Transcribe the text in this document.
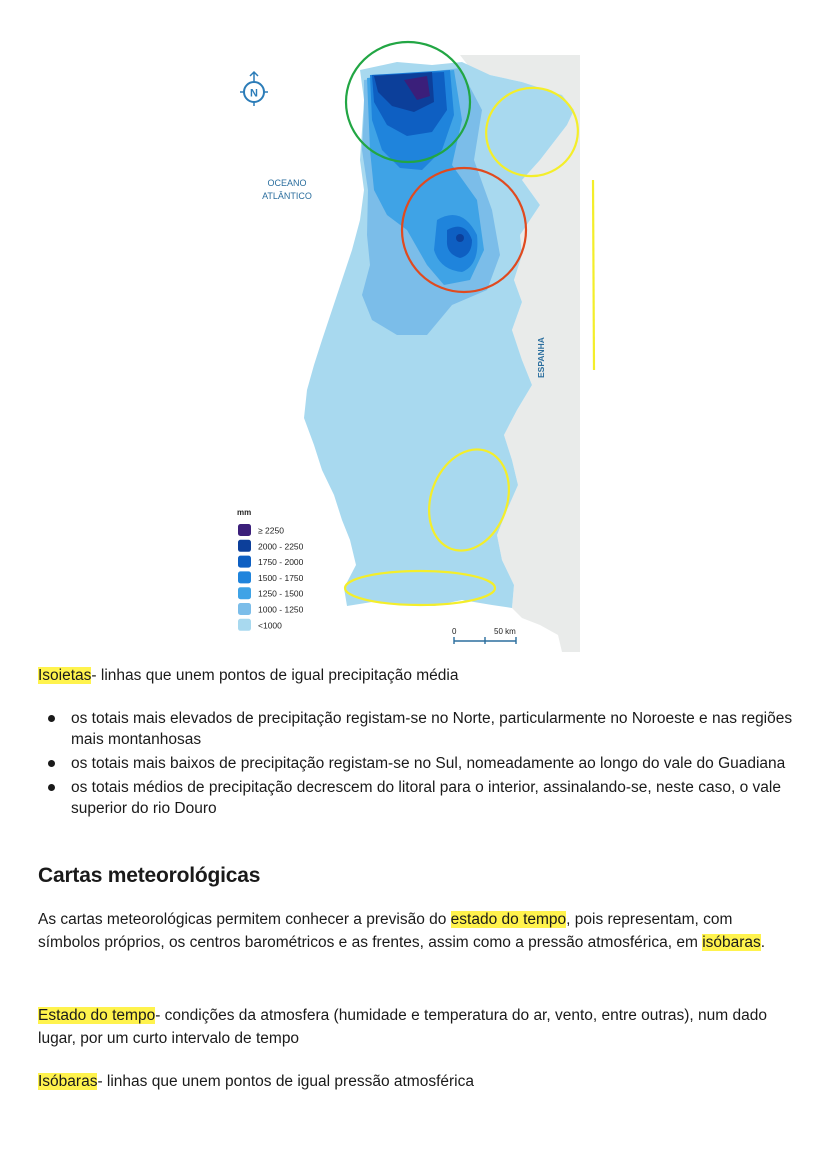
N
OCEANO
ATLÂNTICO
ESPANHA
mm
≥ 2250
2000 - 2250
1750 - 2000
1500 - 1750
1250 - 1500
1000 - 1250
<1000
0	50 km

Isoietas- linhas que unem pontos de igual precipitação média

os totais mais elevados de precipitação registam-se no Norte, particularmente no Noroeste e nas regiões mais montanhosas
os totais mais baixos de precipitação registam-se no Sul, nomeadamente ao longo do vale do Guadiana
os totais médios de precipitação decrescem do litoral para o interior, assinalando-se, neste caso, o vale superior do rio Douro
Cartas meteorológicas

As cartas meteorológicas permitem conhecer a previsão do estado do tempo, pois representam, com símbolos próprios, os centros barométricos e as frentes, assim como a pressão atmosférica, em isóbaras.

Estado do tempo- condições da atmosfera (humidade e temperatura do ar, vento, entre outras), num dado lugar, por um curto intervalo de tempo

Isóbaras- linhas que unem pontos de igual pressão atmosférica
